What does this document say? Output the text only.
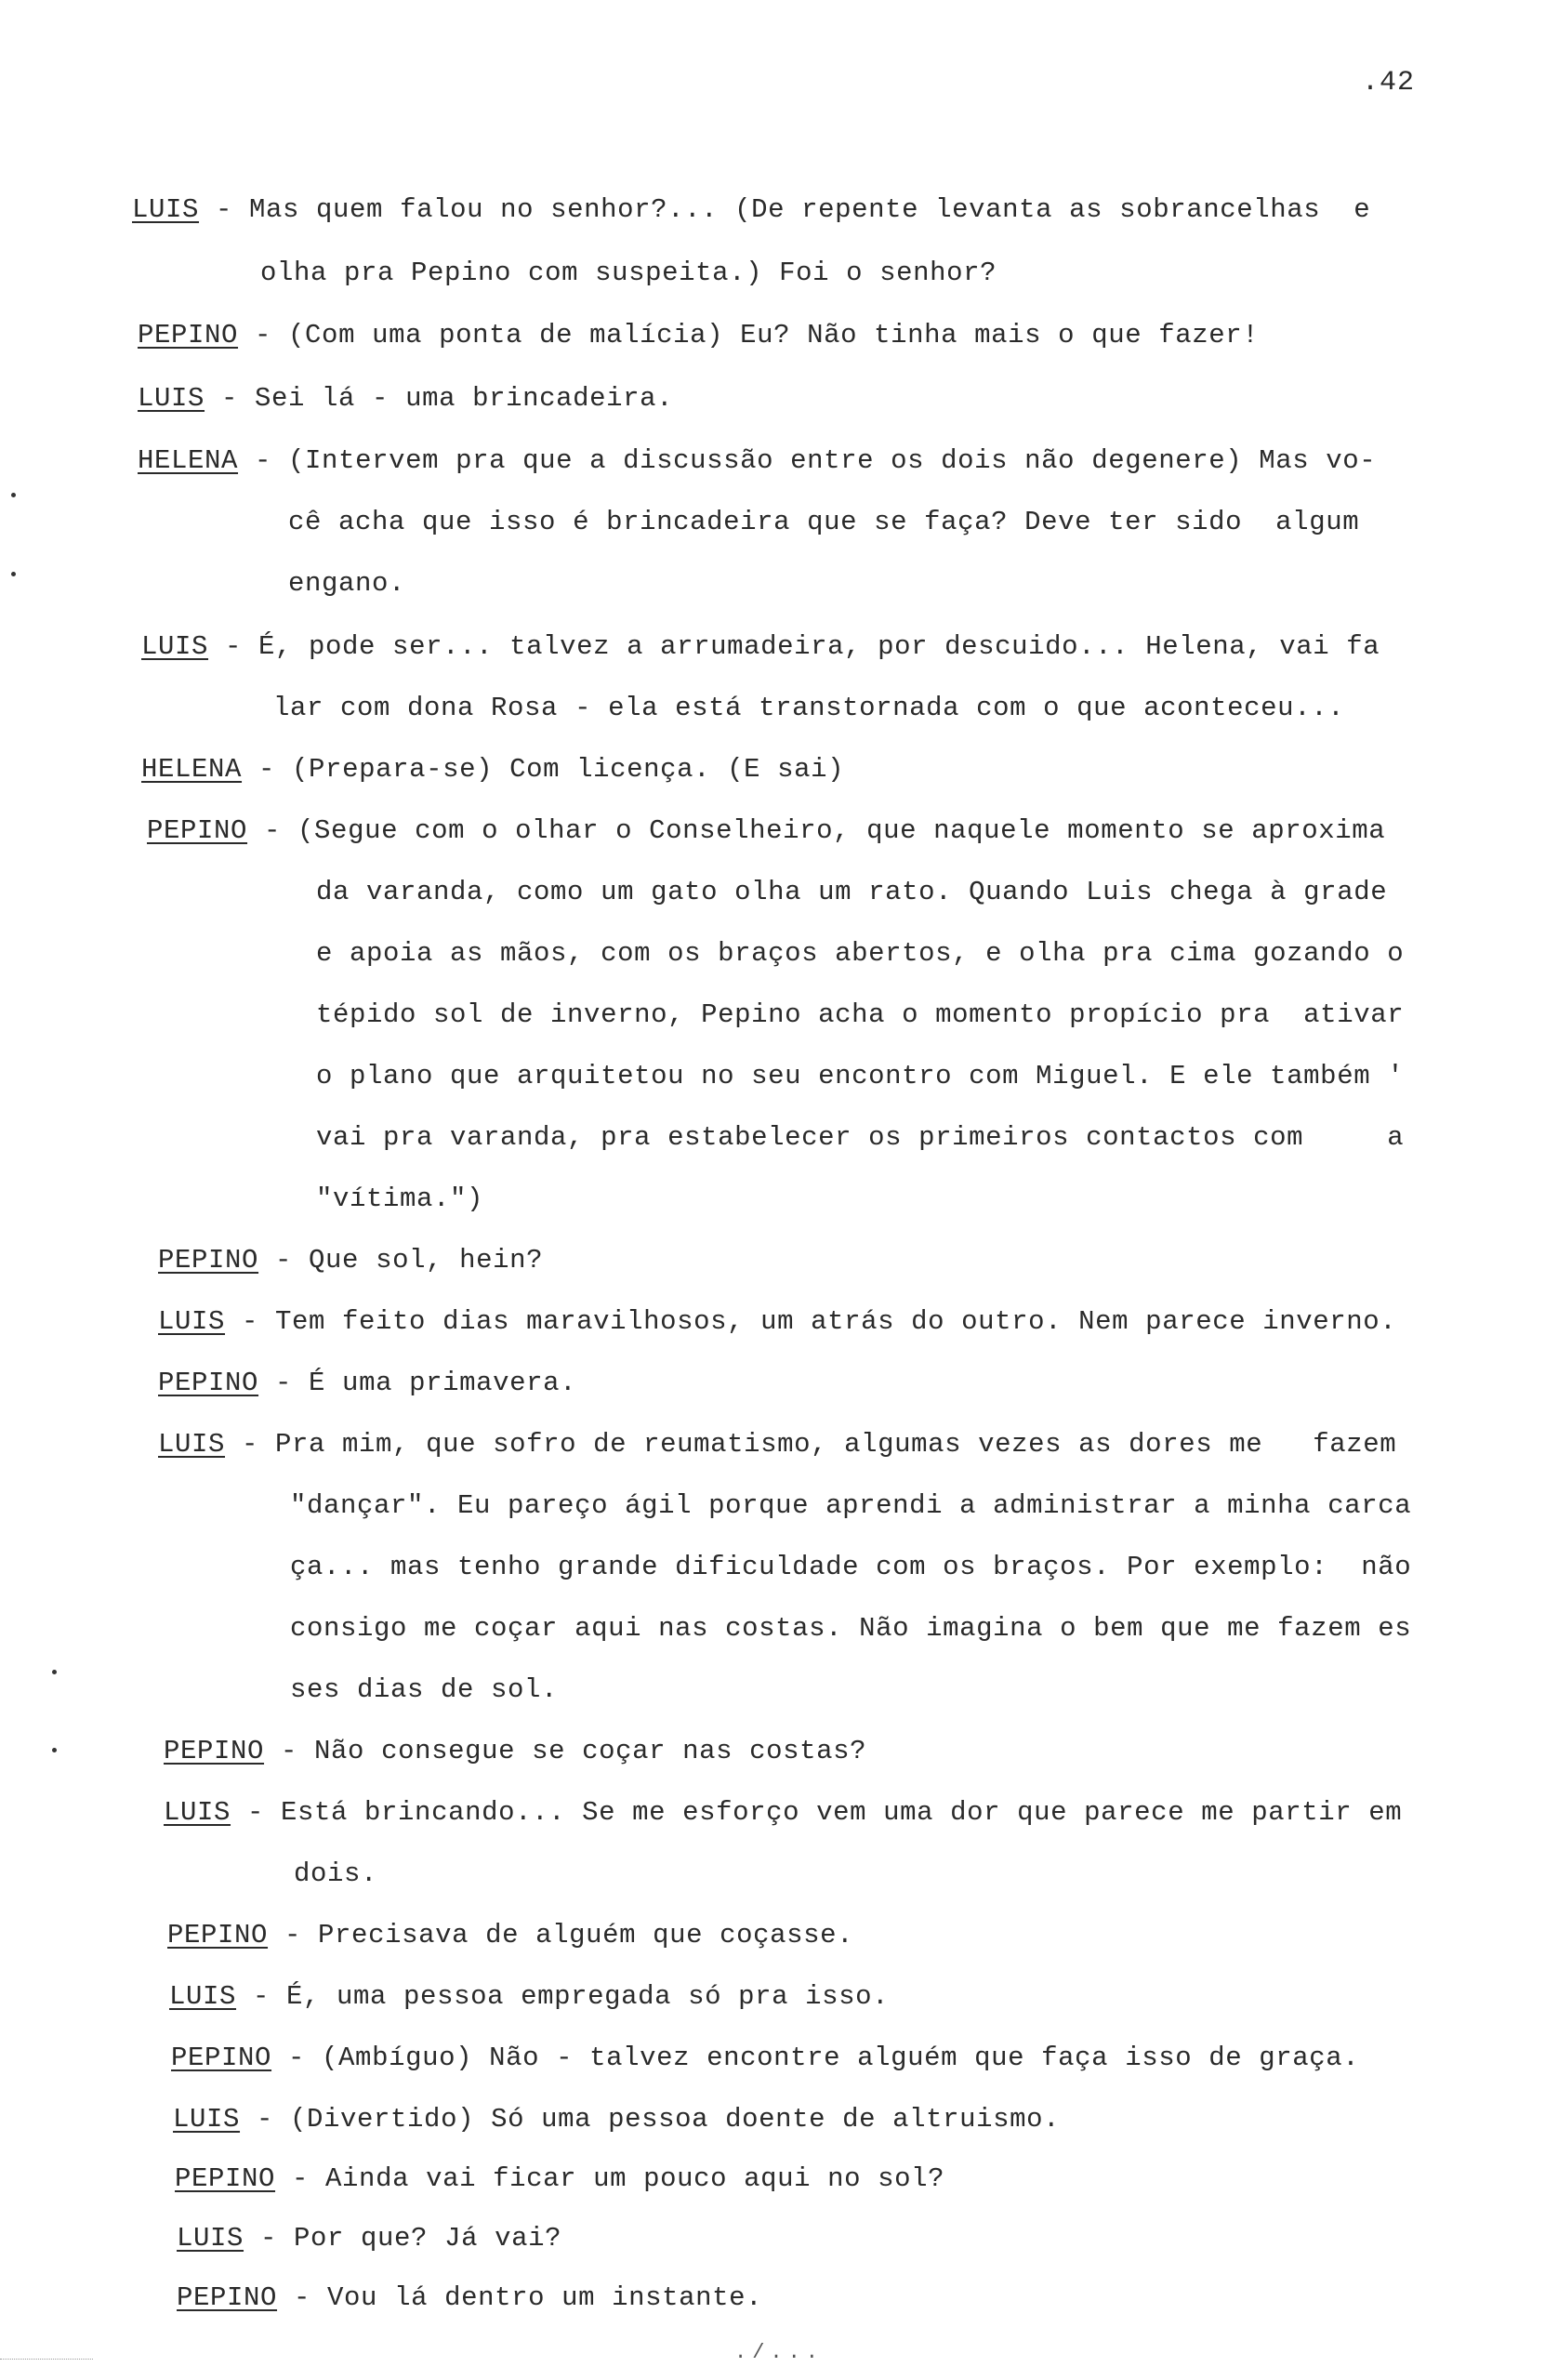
.42

LUIS - Mas quem falou no senhor?... (De repente levanta as sobrancelhas  e

olha pra Pepino com suspeita.) Foi o senhor?

PEPINO - (Com uma ponta de malícia) Eu? Não tinha mais o que fazer!

LUIS - Sei lá - uma brincadeira.

HELENA - (Intervem pra que a discussão entre os dois não degenere) Mas vo-

cê acha que isso é brincadeira que se faça? Deve ter sido  algum

engano.

LUIS - É, pode ser... talvez a arrumadeira, por descuido... Helena, vai fa

lar com dona Rosa - ela está transtornada com o que aconteceu...

HELENA - (Prepara-se) Com licença. (E sai)

PEPINO - (Segue com o olhar o Conselheiro, que naquele momento se aproxima

da varanda, como um gato olha um rato. Quando Luis chega à grade

e apoia as mãos, com os braços abertos, e olha pra cima gozando o

tépido sol de inverno, Pepino acha o momento propício pra  ativar

o plano que arquitetou no seu encontro com Miguel. E ele também '

vai pra varanda, pra estabelecer os primeiros contactos com     a

"vítima.")

PEPINO - Que sol, hein?

LUIS - Tem feito dias maravilhosos, um atrás do outro. Nem parece inverno.

PEPINO - É uma primavera.

LUIS - Pra mim, que sofro de reumatismo, algumas vezes as dores me   fazem

"dançar". Eu pareço ágil porque aprendi a administrar a minha carca

ça... mas tenho grande dificuldade com os braços. Por exemplo:  não

consigo me coçar aqui nas costas. Não imagina o bem que me fazem es

ses dias de sol.

PEPINO - Não consegue se coçar nas costas?

LUIS - Está brincando... Se me esforço vem uma dor que parece me partir em

dois.

PEPINO - Precisava de alguém que coçasse.

LUIS - É, uma pessoa empregada só pra isso.

PEPINO - (Ambíguo) Não - talvez encontre alguém que faça isso de graça.

LUIS - (Divertido) Só uma pessoa doente de altruismo.

PEPINO - Ainda vai ficar um pouco aqui no sol?

LUIS - Por que? Já vai?

PEPINO - Vou lá dentro um instante.

./...
